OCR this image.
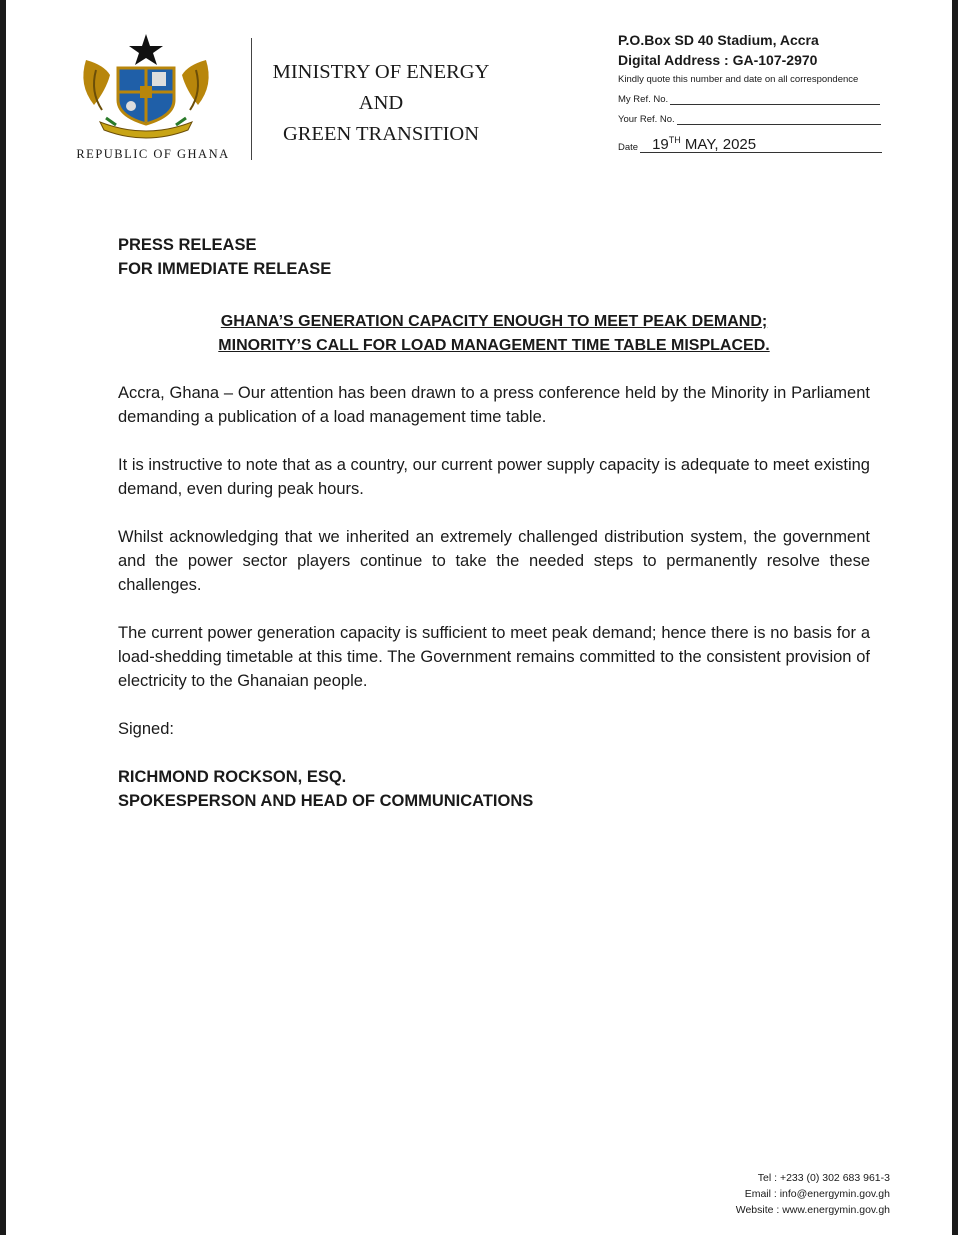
REPUBLIC OF GHANA
MINISTRY OF ENERGY
AND
GREEN TRANSITION
P.O.Box SD 40 Stadium, Accra
Digital Address : GA-107-2970
Kindly quote this number and date on all correspondence
My Ref. No.
Your Ref. No.
Date 19TH MAY, 2025
PRESS RELEASE
FOR IMMEDIATE RELEASE
GHANA’S GENERATION CAPACITY ENOUGH TO MEET PEAK DEMAND;
MINORITY’S CALL FOR LOAD MANAGEMENT TIME TABLE MISPLACED.

Accra, Ghana – Our attention has been drawn to a press conference held by the Minority in Parliament demanding a publication of a load management time table.

It is instructive to note that as a country, our current power supply capacity is adequate to meet existing demand, even during peak hours.

Whilst acknowledging that we inherited an extremely challenged distribution system, the government and the power sector players continue to take the needed steps to permanently resolve these challenges.

The current power generation capacity is sufficient to meet peak demand; hence there is no basis for a load-shedding timetable at this time. The Government remains committed to the consistent provision of electricity to the Ghanaian people.

Signed:

RICHMOND ROCKSON, ESQ.
SPOKESPERSON AND HEAD OF COMMUNICATIONS
Tel : +233 (0) 302 683 961-3
Email : info@energymin.gov.gh
Website : www.energymin.gov.gh
